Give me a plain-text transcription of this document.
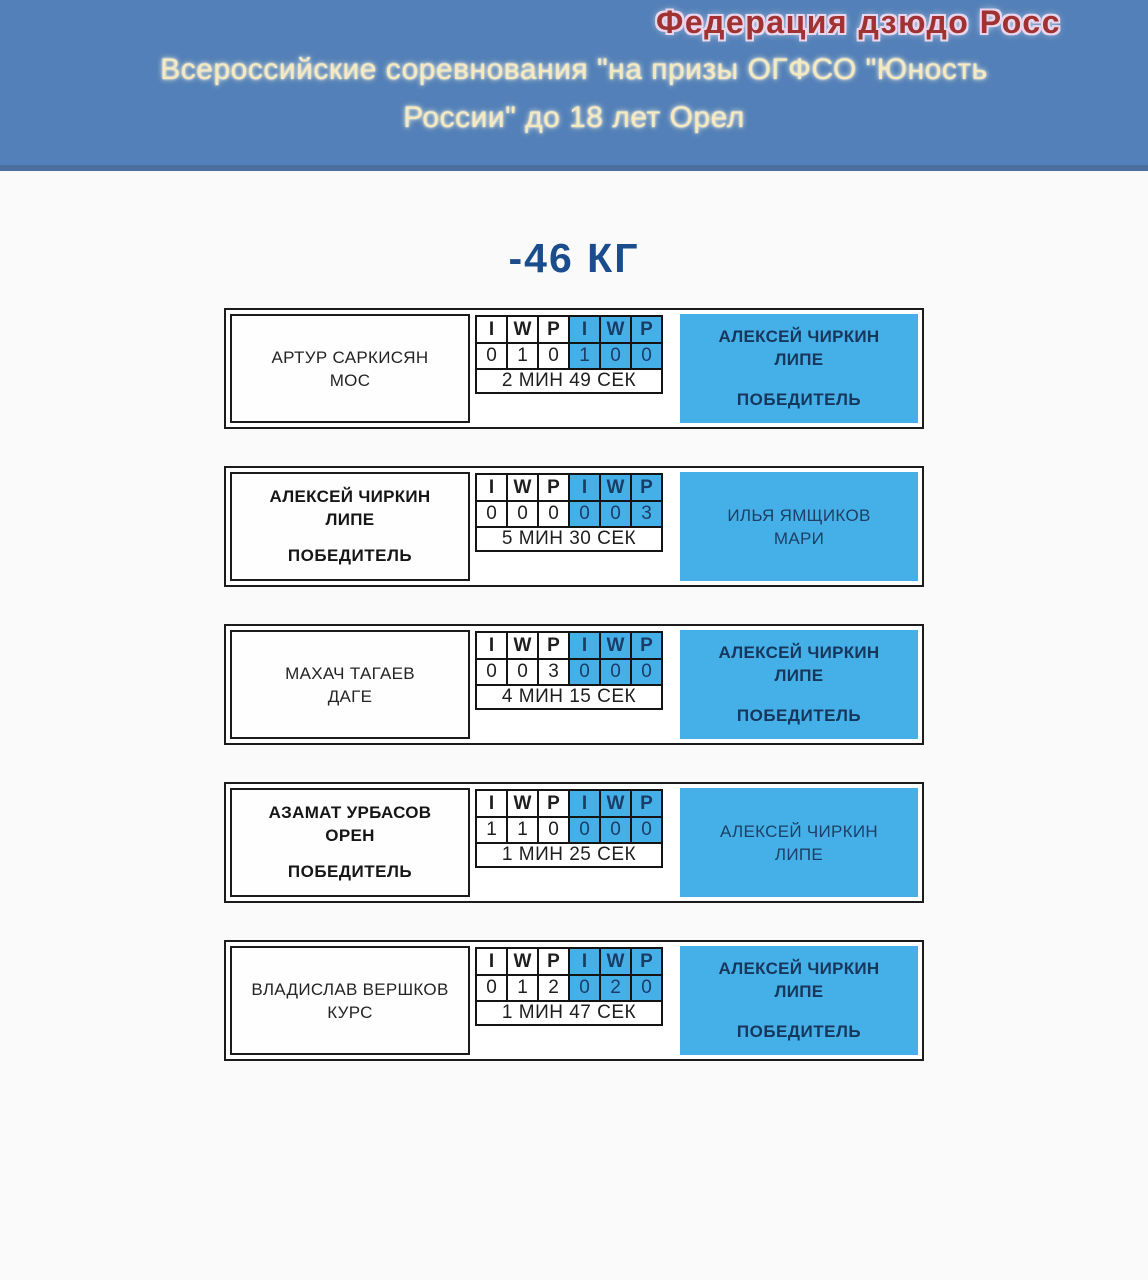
Федерация дзюдо Росс
Всероссийские соревнования "на призы ОГФСО "Юность
России" до 18 лет Орел
-46 КГ
АРТУР САРКИСЯН
МОС
I	W	P	I	W	P
0	1	0	1	0	0
2 МИН 49 СЕК					
АЛЕКСЕЙ ЧИРКИН
ЛИПЕ
ПОБЕДИТЕЛЬ
АЛЕКСЕЙ ЧИРКИН
ЛИПЕ
ПОБЕДИТЕЛЬ
I	W	P	I	W	P
0	0	0	0	0	3
5 МИН 30 СЕК					
ИЛЬЯ ЯМЩИКОВ
МАРИ
МАХАЧ ТАГАЕВ
ДАГЕ
I	W	P	I	W	P
0	0	3	0	0	0
4 МИН 15 СЕК					
АЛЕКСЕЙ ЧИРКИН
ЛИПЕ
ПОБЕДИТЕЛЬ
АЗАМАТ УРБАСОВ
ОРЕН
ПОБЕДИТЕЛЬ
I	W	P	I	W	P
1	1	0	0	0	0
1 МИН 25 СЕК					
АЛЕКСЕЙ ЧИРКИН
ЛИПЕ
ВЛАДИСЛАВ ВЕРШКОВ
КУРС
I	W	P	I	W	P
0	1	2	0	2	0
1 МИН 47 СЕК					
АЛЕКСЕЙ ЧИРКИН
ЛИПЕ
ПОБЕДИТЕЛЬ
